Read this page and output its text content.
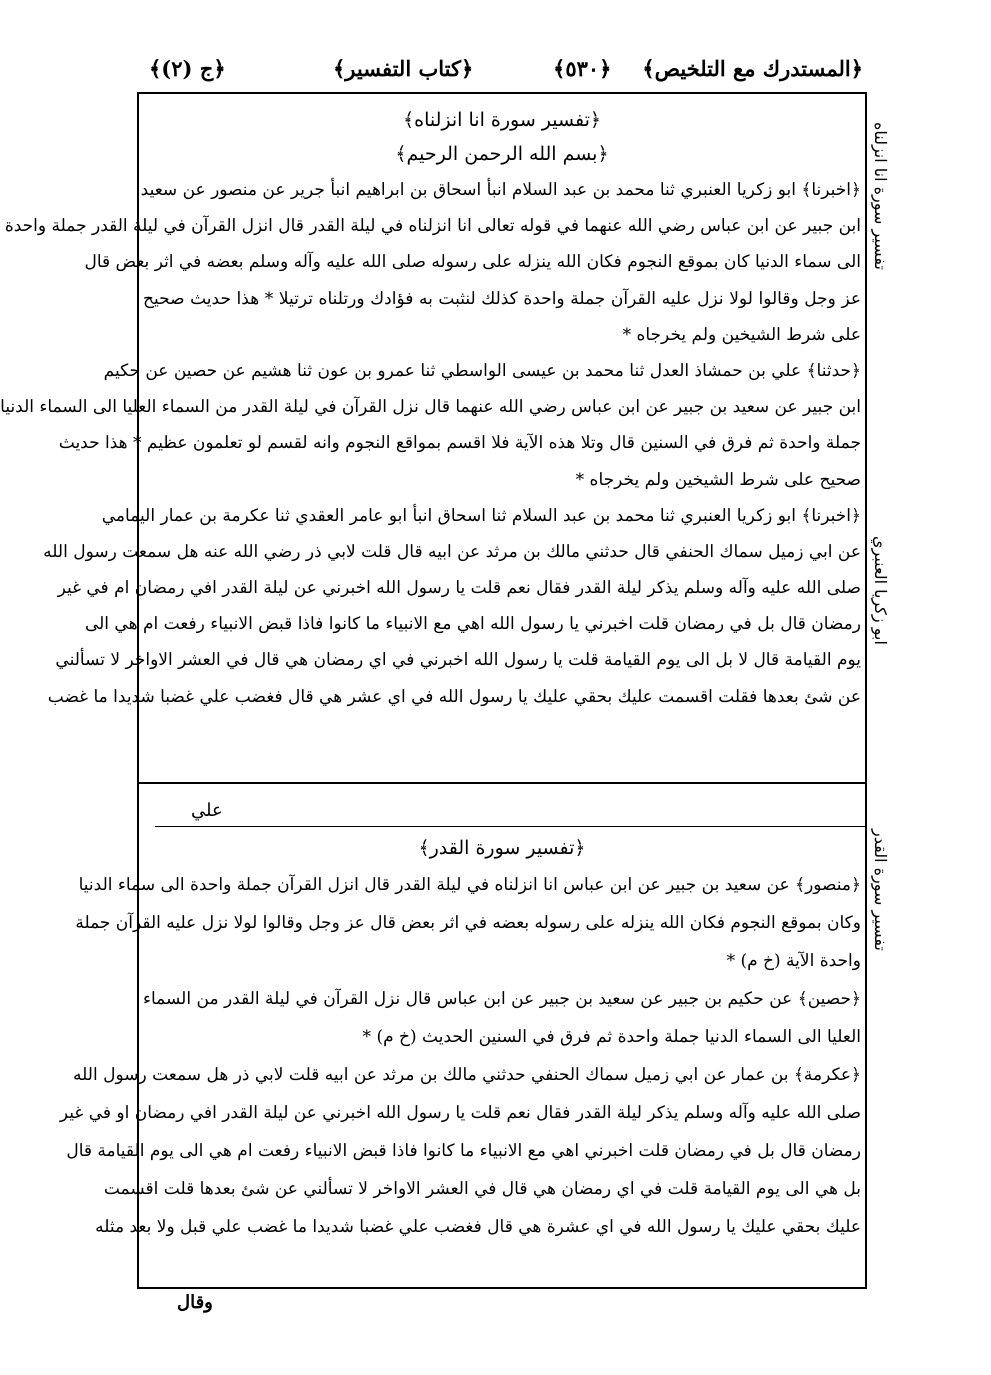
﴿المستدرك مع التلخيص﴾
﴿٥٣٠﴾
﴿كتاب التفسير﴾
﴿ج (٢)﴾
تفسير سورة انا انزلناه
ابو زكريا العنبري
تفسير سورة القدر
﴿تفسير سورة انا انزلناه﴾
﴿بسم الله الرحمن الرحيم﴾
﴿اخبرنا﴾ ابو زكريا العنبري ثنا محمد بن عبد السلام انبأ اسحاق بن ابراهيم انبأ جرير عن منصور عن سعيد
ابن جبير عن ابن عباس رضي الله عنهما في قوله تعالى انا انزلناه في ليلة القدر قال انزل القرآن في ليلة القدر جملة واحدة
الى سماء الدنيا كان بموقع النجوم فكان الله ينزله على رسوله صلى الله عليه وآله وسلم بعضه في اثر بعض قال
عز وجل وقالوا لولا نزل عليه القرآن جملة واحدة كذلك لنثبت به فؤادك ورتلناه ترتيلا * هذا حديث صحيح
على شرط الشيخين ولم يخرجاه *
﴿حدثنا﴾ علي بن حمشاذ العدل ثنا محمد بن عيسى الواسطي ثنا عمرو بن عون ثنا هشيم عن حصين عن حكيم
ابن جبير عن سعيد بن جبير عن ابن عباس رضي الله عنهما قال نزل القرآن في ليلة القدر من السماء العليا الى السماء الدنيا
جملة واحدة ثم فرق في السنين قال وتلا هذه الآية فلا اقسم بمواقع النجوم وانه لقسم لو تعلمون عظيم * هذا حديث
صحيح على شرط الشيخين ولم يخرجاه *
﴿اخبرنا﴾ ابو زكريا العنبري ثنا محمد بن عبد السلام ثنا اسحاق انبأ ابو عامر العقدي ثنا عكرمة بن عمار اليمامي
عن ابي زميل سماك الحنفي قال حدثني مالك بن مرثد عن ابيه قال قلت لابي ذر رضي الله عنه هل سمعت رسول الله
صلى الله عليه وآله وسلم يذكر ليلة القدر فقال نعم قلت يا رسول الله اخبرني عن ليلة القدر افي رمضان ام في غير
رمضان قال بل في رمضان قلت اخبرني يا رسول الله اهي مع الانبياء ما كانوا فاذا قبض الانبياء رفعت ام هي الى
يوم القيامة قال لا بل الى يوم القيامة قلت يا رسول الله اخبرني في اي رمضان هي قال في العشر الاواخر لا تسألني
عن شئ بعدها فقلت اقسمت عليك بحقي عليك يا رسول الله في اي عشر هي قال فغضب علي غضبا شديدا ما غضب
علي
﴿تفسير سورة القدر﴾
﴿منصور﴾ عن سعيد بن جبير عن ابن عباس انا انزلناه في ليلة القدر قال انزل القرآن جملة واحدة الى سماء الدنيا
وكان بموقع النجوم فكان الله ينزله على رسوله بعضه في اثر بعض قال عز وجل وقالوا لولا نزل عليه القرآن جملة
واحدة الآية (خ م) *
﴿حصين﴾ عن حكيم بن جبير عن سعيد بن جبير عن ابن عباس قال نزل القرآن في ليلة القدر من السماء
العليا الى السماء الدنيا جملة واحدة ثم فرق في السنين الحديث (خ م) *
﴿عكرمة﴾ بن عمار عن ابي زميل سماك الحنفي حدثني مالك بن مرثد عن ابيه قلت لابي ذر هل سمعت رسول الله
صلى الله عليه وآله وسلم يذكر ليلة القدر فقال نعم قلت يا رسول الله اخبرني عن ليلة القدر افي رمضان او في غير
رمضان قال بل في رمضان قلت اخبرني اهي مع الانبياء ما كانوا فاذا قبض الانبياء رفعت ام هي الى يوم القيامة قال
بل هي الى يوم القيامة قلت في اي رمضان هي قال في العشر الاواخر لا تسألني عن شئ بعدها قلت اقسمت
عليك بحقي عليك يا رسول الله في اي عشرة هي قال فغضب علي غضبا شديدا ما غضب علي قبل ولا بعد مثله
وقال
